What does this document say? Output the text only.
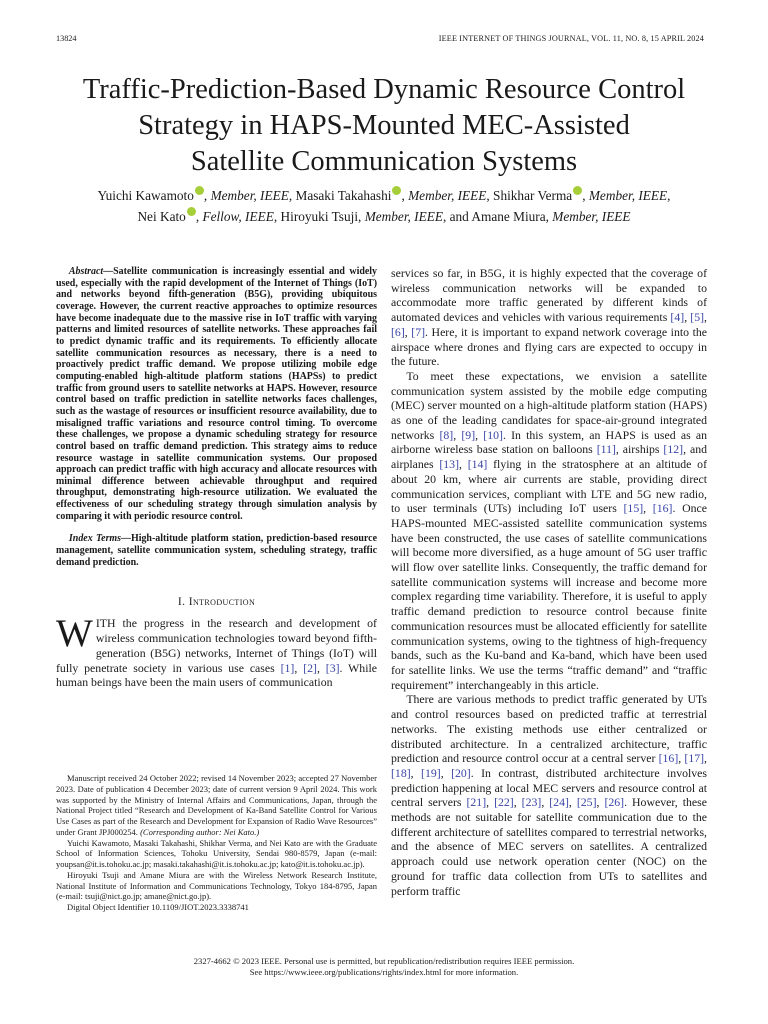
13824	IEEE INTERNET OF THINGS JOURNAL, VOL. 11, NO. 8, 15 APRIL 2024
Traffic-Prediction-Based Dynamic Resource Control
Strategy in HAPS-Mounted MEC-Assisted
Satellite Communication Systems
Yuichi Kawamoto , Member, IEEE, Masaki Takahashi , Member, IEEE, Shikhar Verma , Member, IEEE,
Nei Kato , Fellow, IEEE, Hiroyuki Tsuji, Member, IEEE, and Amane Miura, Member, IEEE

Abstract—Satellite communication is increasingly essential and widely used, especially with the rapid development of the Internet of Things (IoT) and networks beyond fifth-generation (B5G), providing ubiquitous coverage. However, the current reactive approaches to optimize resources have become inadequate due to the massive rise in IoT traffic with varying patterns and limited resources of satellite networks. These approaches fail to predict dynamic traffic and its requirements. To efficiently allocate satellite communication resources as necessary, there is a need to proactively predict traffic demand. We propose utilizing mobile edge computing-enabled high-altitude platform stations (HAPSs) to predict traffic from ground users to satellite networks at HAPS. However, resource control based on traffic prediction in satellite networks faces challenges, such as the wastage of resources or insufficient resource availability, due to misaligned traffic variations and resource control timing. To overcome these challenges, we propose a dynamic scheduling strategy for resource control based on traffic demand prediction. This strategy aims to reduce resource wastage in satellite communication systems. Our proposed approach can predict traffic with high accuracy and allocate resources with minimal difference between achievable throughput and required throughput, demonstrating high-resource utilization. We evaluated the effectiveness of our scheduling strategy through simulation analysis by comparing it with periodic resource control.

Index Terms—High-altitude platform station, prediction-based resource management, satellite communication system, scheduling strategy, traffic demand prediction.

I. Introduction

WITH the progress in the research and development of wireless communication technologies toward beyond fifth-generation (B5G) networks, Internet of Things (IoT) will fully penetrate society in various use cases [1], [2], [3]. While human beings have been the main users of communication

Manuscript received 24 October 2022; revised 14 November 2023; accepted 27 November 2023. Date of publication 4 December 2023; date of current version 9 April 2024. This work was supported by the Ministry of Internal Affairs and Communications, Japan, through the National Project titled “Research and Development of Ka-Band Satellite Control for Various Use Cases as part of the Research and Development for Expansion of Radio Wave Resources” under Grant JPJ000254. (Corresponding author: Nei Kato.)

Yuichi Kawamoto, Masaki Takahashi, Shikhar Verma, and Nei Kato are with the Graduate School of Information Sciences, Tohoku University, Sendai 980-8579, Japan (e-mail: youpsan@it.is.tohoku.ac.jp; masaki.takahashi@it.is.tohoku.ac.jp; kato@it.is.tohoku.ac.jp).

Hiroyuki Tsuji and Amane Miura are with the Wireless Network Research Institute, National Institute of Information and Communications Technology, Tokyo 184-8795, Japan (e-mail: tsuji@nict.go.jp; amane@nict.go.jp).

Digital Object Identifier 10.1109/JIOT.2023.3338741

services so far, in B5G, it is highly expected that the coverage of wireless communication networks will be expanded to accommodate more traffic generated by different kinds of automated devices and vehicles with various requirements [4], [5], [6], [7]. Here, it is important to expand network coverage into the airspace where drones and flying cars are expected to occupy in the future.

To meet these expectations, we envision a satellite communication system assisted by the mobile edge computing (MEC) server mounted on a high-altitude platform station (HAPS) as one of the leading candidates for space-air-ground integrated networks [8], [9], [10]. In this system, an HAPS is used as an airborne wireless base station on balloons [11], airships [12], and airplanes [13], [14] flying in the stratosphere at an altitude of about 20 km, where air currents are stable, providing direct communication services, compliant with LTE and 5G new radio, to user terminals (UTs) including IoT users [15], [16]. Once HAPS-mounted MEC-assisted satellite communication systems have been constructed, the use cases of satellite communications will become more diversified, as a huge amount of 5G user traffic will flow over satellite links. Consequently, the traffic demand for satellite communication systems will increase and become more complex regarding time variability. Therefore, it is useful to apply traffic demand prediction to resource control because finite communication resources must be allocated efficiently for satellite communication systems, owing to the tightness of high-frequency bands, such as the Ku-band and Ka-band, which have been used for satellite links. We use the terms “traffic demand” and “traffic requirement” interchangeably in this article.

There are various methods to predict traffic generated by UTs and control resources based on predicted traffic at terrestrial networks. The existing methods use either centralized or distributed architecture. In a centralized architecture, traffic prediction and resource control occur at a central server [16], [17], [18], [19], [20]. In contrast, distributed architecture involves prediction happening at local MEC servers and resource control at central servers [21], [22], [23], [24], [25], [26]. However, these methods are not suitable for satellite communication due to the different architecture of satellites compared to terrestrial networks, and the absence of MEC servers on satellites. A centralized approach could use network operation center (NOC) on the ground for traffic data collection from UTs to satellites and perform traffic

2327-4662 © 2023 IEEE. Personal use is permitted, but republication/redistribution requires IEEE permission.
See https://www.ieee.org/publications/rights/index.html for more information.
